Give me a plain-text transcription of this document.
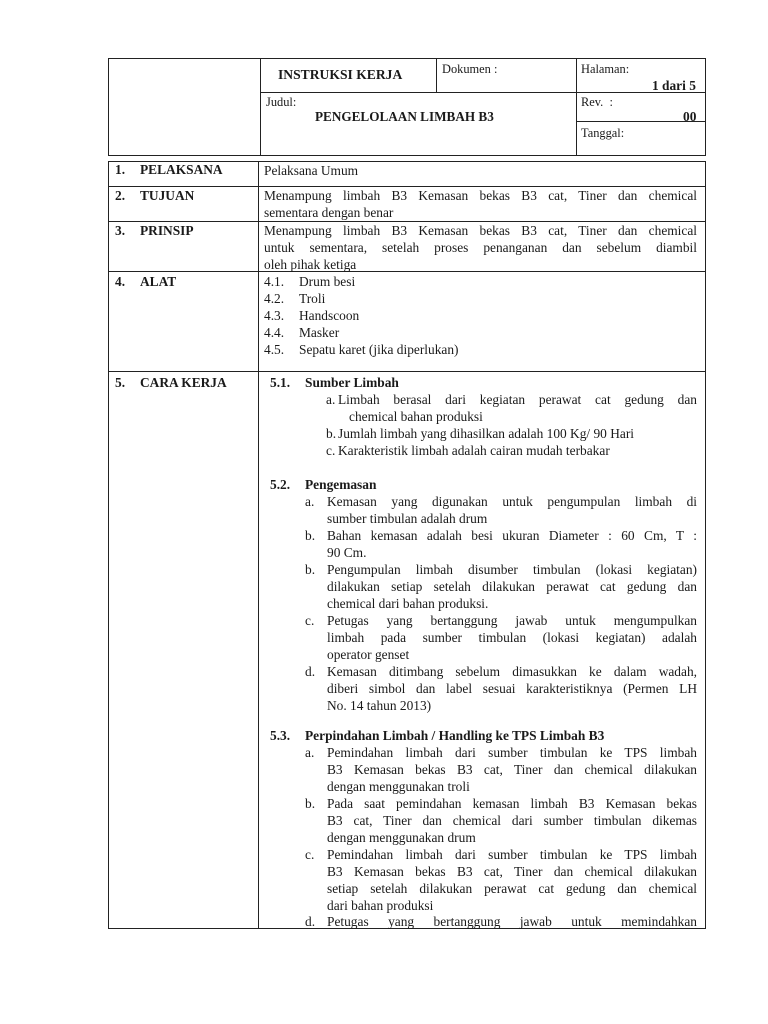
INSTRUKSI KERJA	Dokumen :	Halaman:
1 dari 5
Judul:
PENGELOLAAN LIMBAH B3
Rev.  :
00
Tanggal:
1. PELAKSANA	Pelaksana Umum
2. TUJUAN	Menampung limbah B3 Kemasan bekas B3 cat, Tiner dan chemical
sementara dengan benar
3. PRINSIP	Menampung limbah B3 Kemasan bekas B3 cat, Tiner dan chemical
untuk sementara, setelah proses penanganan dan sebelum diambil
oleh pihak ketiga
4. ALAT	4.1. Drum besi
4.2. Troli
4.3. Handscoon
4.4. Masker
4.5. Sepatu karet (jika diperlukan)
5. CARA KERJA	5.1. Sumber Limbah
a. Limbah berasal dari kegiatan perawat cat gedung dan
chemical bahan produksi
b. Jumlah limbah yang dihasilkan adalah 100 Kg/ 90 Hari
c. Karakteristik limbah adalah cairan mudah terbakar
5.2. Pengemasan
a. Kemasan yang digunakan untuk pengumpulan limbah di
sumber timbulan adalah drum
b. Bahan kemasan adalah besi ukuran Diameter : 60 Cm, T :
90 Cm.
b. Pengumpulan limbah disumber timbulan (lokasi kegiatan)
dilakukan setiap setelah dilakukan perawat cat gedung dan
chemical dari bahan produksi.
c. Petugas yang bertanggung jawab untuk mengumpulkan
limbah pada sumber timbulan (lokasi kegiatan) adalah
operator genset
d. Kemasan ditimbang sebelum dimasukkan ke dalam wadah,
diberi simbol dan label sesuai karakteristiknya (Permen LH
No. 14 tahun 2013)
5.3. Perpindahan Limbah / Handling ke TPS Limbah B3
a. Pemindahan limbah dari sumber timbulan ke TPS limbah
B3 Kemasan bekas B3 cat, Tiner dan chemical dilakukan
dengan menggunakan troli
b. Pada saat pemindahan kemasan limbah B3 Kemasan bekas
B3 cat, Tiner dan chemical dari sumber timbulan dikemas
dengan menggunakan drum
c. Pemindahan limbah dari sumber timbulan ke TPS limbah
B3 Kemasan bekas B3 cat, Tiner dan chemical dilakukan
setiap setelah dilakukan perawat cat gedung dan chemical
dari bahan produksi
d. Petugas yang bertanggung jawab untuk memindahkan
